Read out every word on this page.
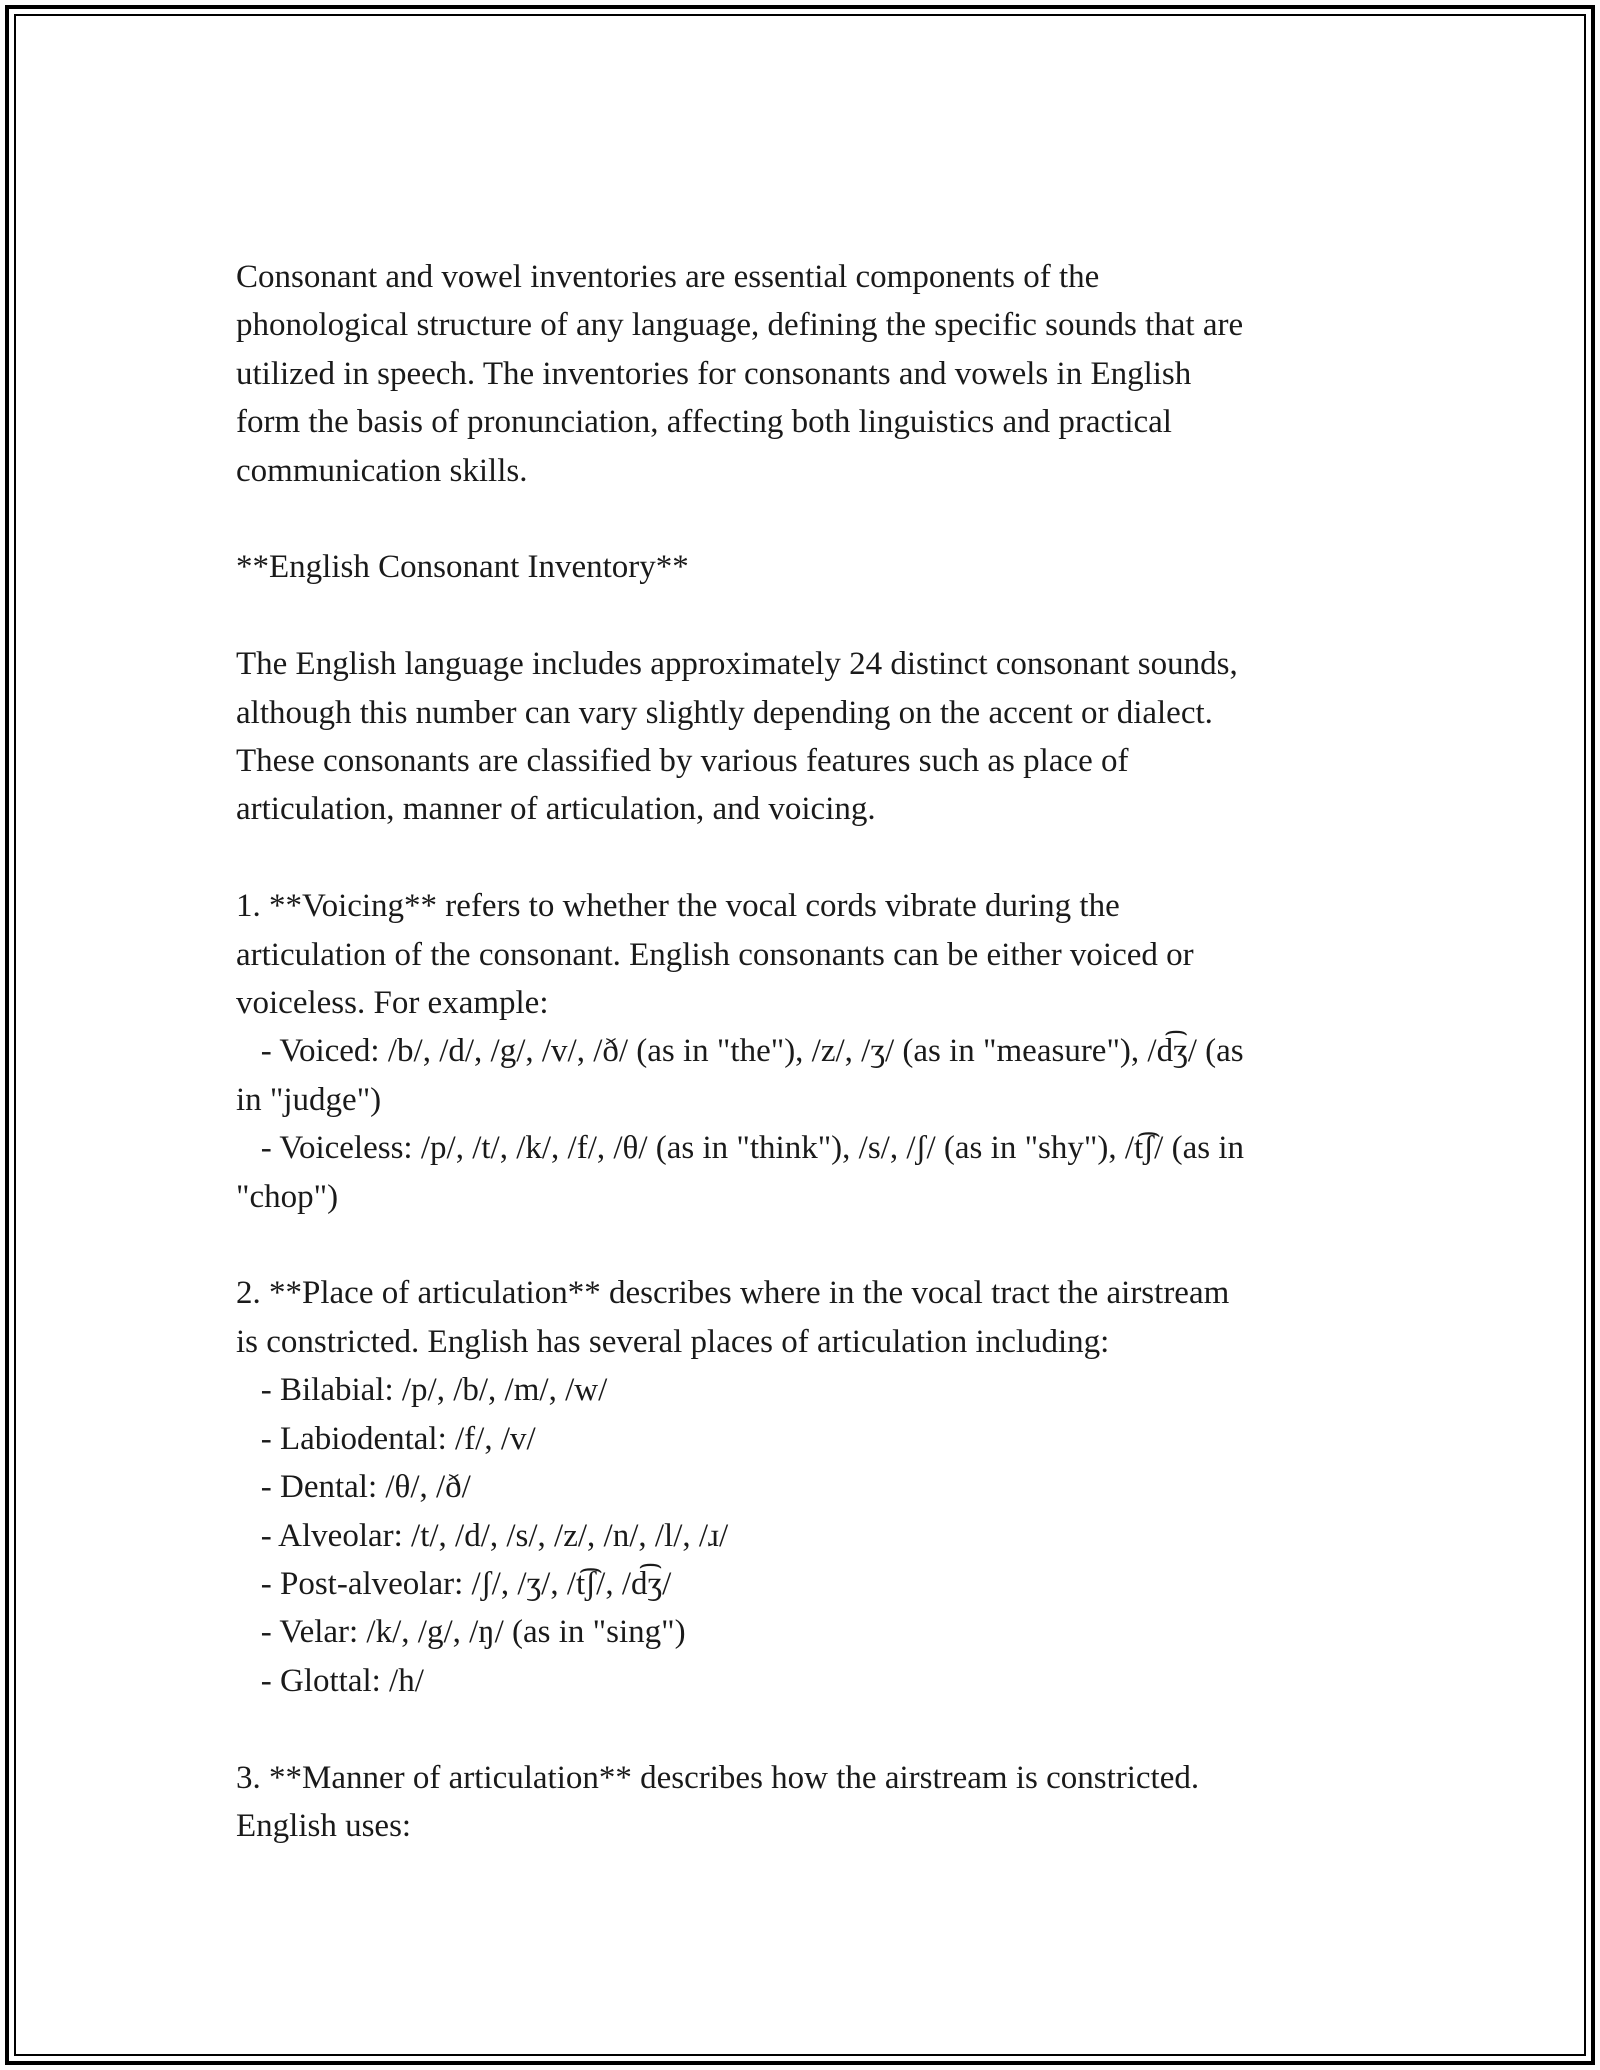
Consonant and vowel inventories are essential components of the
phonological structure of any language, defining the specific sounds that are
utilized in speech. The inventories for consonants and vowels in English
form the basis of pronunciation, affecting both linguistics and practical
communication skills.
**English Consonant Inventory**
The English language includes approximately 24 distinct consonant sounds,
although this number can vary slightly depending on the accent or dialect.
These consonants are classified by various features such as place of
articulation, manner of articulation, and voicing.
1. **Voicing** refers to whether the vocal cords vibrate during the
articulation of the consonant. English consonants can be either voiced or
voiceless. For example:
- Voiced: /b/, /d/, /g/, /v/, /ð/ (as in "the"), /z/, /ʒ/ (as in "measure"), /d͡ʒ/ (as
in "judge")
- Voiceless: /p/, /t/, /k/, /f/, /θ/ (as in "think"), /s/, /ʃ/ (as in "shy"), /t͡ʃ/ (as in
"chop")
2. **Place of articulation** describes where in the vocal tract the airstream
is constricted. English has several places of articulation including:
- Bilabial: /p/, /b/, /m/, /w/
- Labiodental: /f/, /v/
- Dental: /θ/, /ð/
- Alveolar: /t/, /d/, /s/, /z/, /n/, /l/, /ɹ/
- Post-alveolar: /ʃ/, /ʒ/, /t͡ʃ/, /d͡ʒ/
- Velar: /k/, /g/, /ŋ/ (as in "sing")
- Glottal: /h/
3. **Manner of articulation** describes how the airstream is constricted.
English uses:
